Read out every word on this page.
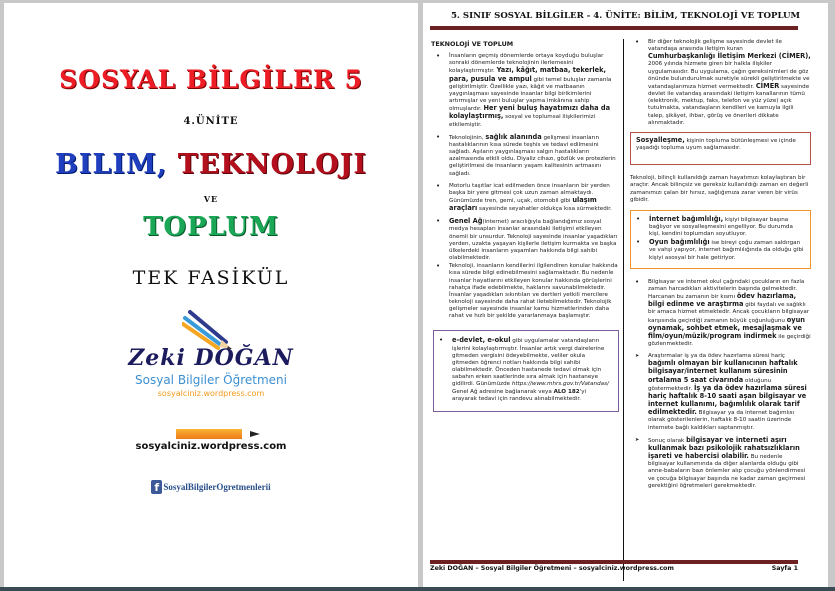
SOSYAL BİLGİLER 5
4.ÜNİTE
BILIM, TEKNOLOJI
VE
TOPLUM
TEK FASİKÜL
Zeki DOĞAN
Sosyal Bilgiler Öğretmeni
sosyalciniz.wordpress.com
sosyalciniz.wordpress.com
f SosyalBilgilerOgretmenlerii
5. SINIF SOSYAL BİLGİLER - 4. ÜNİTE: BİLİM, TEKNOLOJİ VE TOPLUM
TEKNOLOJİ VE TOPLUM
• İnsanların geçmiş dönemlerde ortaya koyduğu buluşlar sonraki dönemlerde teknolojinin ilerlemesini kolaylaştırmıştır. Yazı, kâğıt, matbaa, tekerlek, para, pusula ve ampul gibi temel buluşlar zamanla geliştirilmiştir. Özellikle yazı, kâğıt ve matbaanın yaygınlaşması sayesinde insanlar bilgi birikimlerini artırmışlar ve yeni buluşlar yapma imkânına sahip olmuşlardır. Her yeni buluş hayatımızı daha da kolaylaştırmış, sosyal ve toplumsal ilişkilerimizi etkilemiştir.
• Teknolojinin, sağlık alanında gelişmesi insanların hastalıklarının kısa sürede teşhis ve tedavi edilmesini sağladı. Aşıların yaygınlaşması salgın hastalıkların azalmasında etkili oldu. Diyaliz cihazı, gözlük ve protezlerin geliştirilmesi de insanların yaşam kalitesinin artmasını sağladı.
• Motorlu taşıtlar icat edilmeden önce insanların bir yerden başka bir yere gitmesi çok uzun zaman almaktaydı. Günümüzde tren, gemi, uçak, otomobil gibi ulaşım araçları sayesinde seyahatler oldukça kısa sürmektedir.
• Genel Ağ(internet) aracılığıyla bağlandığımız sosyal medya hesapları insanlar arasındaki iletişimi etkileyen önemli bir unsurdur. Teknoloji sayesinde insanlar yaşadıkları yerden, uzakta yaşayan kişilerle iletişim kurmakta ve başka ülkelerdeki insanların yaşamları hakkında bilgi sahibi olabilmektedir.
• Teknoloji, insanların kendilerini ilgilendiren konular hakkında kısa sürede bilgi edinebilmesini sağlamaktadır. Bu nedenle insanlar hayatlarını etkileyen konular hakkında görüşlerini rahatça ifade edebilmekte, haklarını savunabilmektedir. İnsanlar yaşadıkları sıkıntıları ve dertleri yetkili mercilere teknoloji sayesinde daha rahat iletebilmektedir. Teknolojik gelişmeler sayesinde insanlar kamu hizmetlerinden daha rahat ve hızlı bir şekilde yararlanmaya başlamıştır.
• e-devlet, e-okul gibi uygulamalar vatandaşların işlerini kolaylaştırmıştır. İnsanlar artık vergi dairelerine gitmeden vergisini ödeyebilmekte, veliler okula gitmeden öğrenci notları hakkında bilgi sahibi olabilmektedir. Önceden hastanede tedavi olmak için sabahın erken saatlerinde sıra almak için hastaneye gidilirdi. Günümüzde https://www.mhrs.gov.tr/Vatandas/ Genel Ağ adresine bağlanarak veya ALO 182'yi arayarak tedavi için randevu alınabilmektedir.
• Bir diğer teknolojik gelişme sayesinde devlet ile vatandaşa arasında iletişim kuran Cumhurbaşkanlığı İletişim Merkezi (CİMER), 2006 yılında hizmete giren bir halkla ilişkiler uygulamasıdır. Bu uygulama, çağın gereksinimleri de göz önünde bulundurulmak suretiyle sürekli geliştirilmekte ve vatandaşlarımıza hizmet vermektedir. CİMER sayesinde devlet ile vatandaş arasındaki iletişim kanallarının tümü (elektronik, mektup, faks, telefon ve yüz yüze) açık tutulmakta, vatandaşların kendileri ve kamuyla ilgili talep, şikâyet, ihbar, görüş ve önerileri dikkate alınmaktadır.
Sosyalleşme, kişinin topluma bütünleşmesi ve içinde yaşadığı topluma uyum sağlamasıdır.
Teknoloji, bilinçli kullanıldığı zaman hayatımızı kolaylaştıran bir araçtır. Ancak bilinçsiz ve gereksiz kullanıldığı zaman en değerli zamanımızı çalan bir hırsız, sağlığımıza zarar veren bir virüs gibidir.
• İnternet bağımlılığı, kişiyi bilgisayar başına bağlıyor ve sosyalleşmesini engelliyor. Bu durumda kişi, kendini toplumdan soyutluyor.
• Oyun bağımlılığı ise bireyi çoğu zaman saldırgan ve vahşi yapıyor, internet bağımlılığında da olduğu gibi kişiyi asosyal bir hale getiriyor.
• Bilgisayar ve internet okul çağındaki çocukların en fazla zaman harcadıkları aktivitelerin başında gelmektedir. Harcanan bu zamanın bir kısmı ödev hazırlama, bilgi edinme ve araştırma gibi faydalı ve sağlıklı bir amaca hizmet etmektedir. Ancak çocukların bilgisayar karşısında geçirdiği zamanın büyük çoğunluğunu oyun oynamak, sohbet etmek, mesajlaşmak ve film/oyun/müzik/program indirmek ile geçirdiği gözlenmektedir.
➤ Araştırmalar iş ya da ödev hazırlama süresi hariç bağımlı olmayan bir kullanıcının haftalık bilgisayar/internet kullanım süresinin ortalama 5 saat civarında olduğunu göstermektedir. İş ya da ödev hazırlama süresi hariç haftalık 8-10 saati aşan bilgisayar ve internet kullanımı, bağımlılık olarak tarif edilmektedir. Bilgisayar ya da internet bağımlısı olarak gösterilenlerin, haftalık 8-10 saatin üzerinde internete bağlı kaldıkları saptanmıştır.
➤ Sonuç olarak bilgisayar ve interneti aşırı kullanmak bazı psikolojik rahatsızlıkların işareti ve habercisi olabilir. Bu nedenle bilgisayar kullanımında da diğer alanlarda olduğu gibi anne-babaların bazı önlemler alıp çocuğu yönlendirmesi ve çocuğa bilgisayar başında ne kadar zaman geçirmesi gerektiğini öğretmeleri gerekmektedir.
Zeki DOĞAN – Sosyal Bilgiler Öğretmeni – sosyalciniz.wordpress.com	Sayfa 1
